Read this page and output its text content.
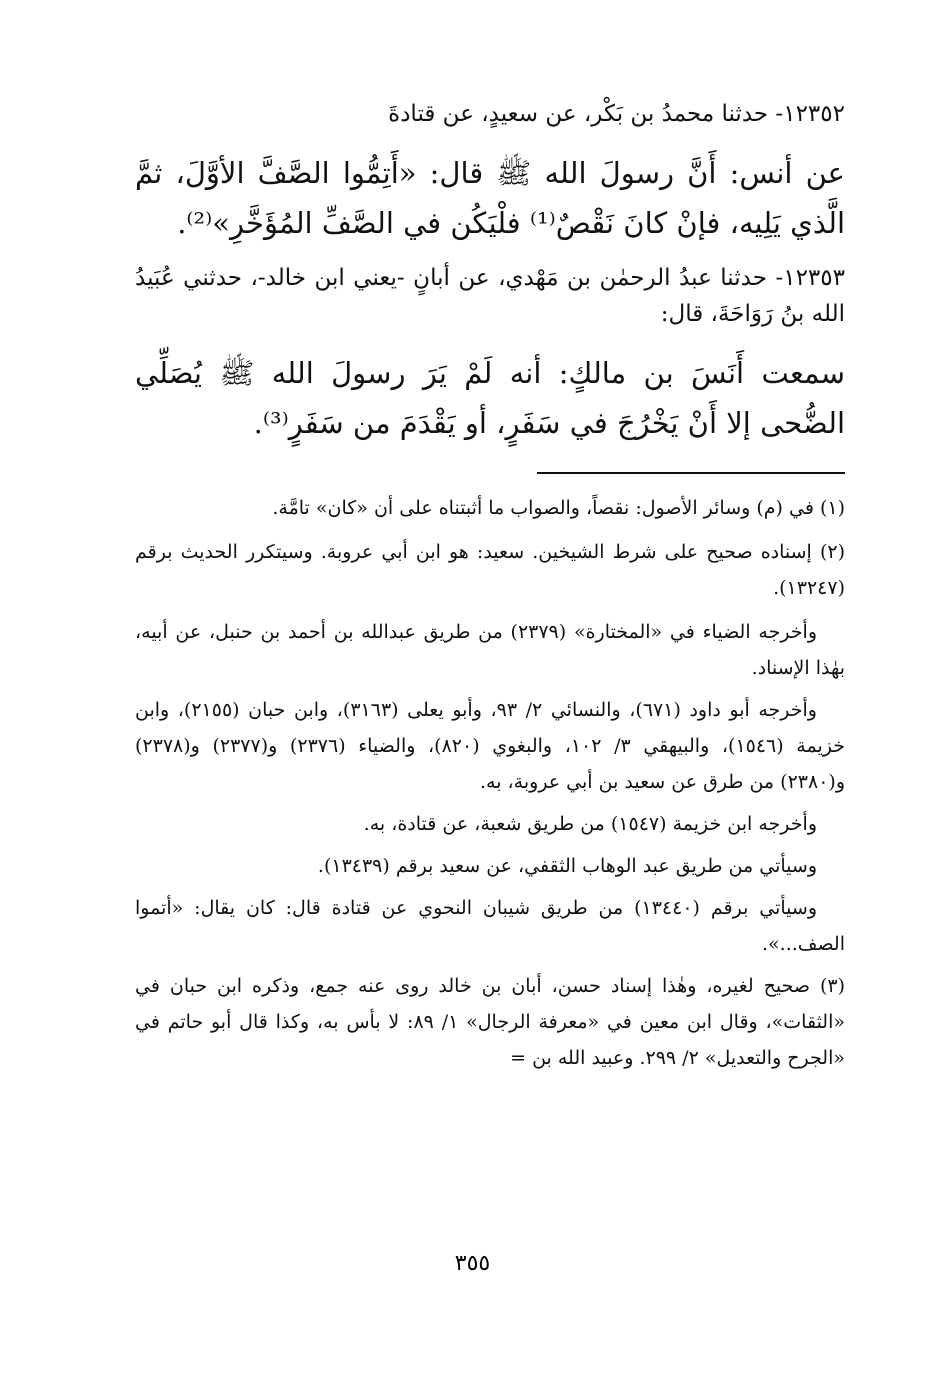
١٢٣٥٢- حدثنا محمدُ بن بَكْر، عن سعيدٍ، عن قتادةَ

عن أنس: أَنَّ رسولَ الله ﷺ قال: «أَتِمُّوا الصَّفَّ الأوَّلَ، ثمَّ الَّذي يَلِيه، فإنْ كانَ نَقْصٌ⁽¹⁾ فلْيَكُن في الصَّفِّ المُؤَخَّرِ»⁽²⁾.

١٢٣٥٣- حدثنا عبدُ الرحمٰن بن مَهْدي، عن أبانٍ -يعني ابن خالد-، حدثني عُبَيدُ الله بنُ رَوَاحَةَ، قال:

سمعت أَنَسَ بن مالكٍ: أنه لَمْ يَرَ رسولَ الله ﷺ يُصَلِّي الضُّحى إلا أَنْ يَخْرُجَ في سَفَرٍ، أو يَقْدَمَ من سَفَرٍ⁽³⁾.

(١) في (م) وسائر الأصول: نقصاً، والصواب ما أثبتناه على أن «كان» تامَّة.

(٢) إسناده صحيح على شرط الشيخين. سعيد: هو ابن أبي عروبة. وسيتكرر الحديث برقم (١٣٢٤٧).

وأخرجه الضياء في «المختارة» (٢٣٧٩) من طريق عبدالله بن أحمد بن حنبل، عن أبيه، بهٰذا الإسناد.

وأخرجه أبو داود (٦٧١)، والنسائي ٢/ ٩٣، وأبو يعلى (٣١٦٣)، وابن حبان (٢١٥٥)، وابن خزيمة (١٥٤٦)، والبيهقي ٣/ ١٠٢، والبغوي (٨٢٠)، والضياء (٢٣٧٦) و(٢٣٧٧) و(٢٣٧٨) و(٢٣٨٠) من طرق عن سعيد بن أبي عروبة، به.

وأخرجه ابن خزيمة (١٥٤٧) من طريق شعبة، عن قتادة، به.

وسيأتي من طريق عبد الوهاب الثقفي، عن سعيد برقم (١٣٤٣٩).

وسيأتي برقم (١٣٤٤٠) من طريق شيبان النحوي عن قتادة قال: كان يقال: «أتموا الصف...».

(٣) صحيح لغيره، وهٰذا إسناد حسن، أبان بن خالد روى عنه جمع، وذكره ابن حبان في «الثقات»، وقال ابن معين في «معرفة الرجال» ١/ ٨٩: لا بأس به، وكذا قال أبو حاتم في «الجرح والتعديل» ٢/ ٢٩٩. وعبيد الله بن =

٣٥٥
